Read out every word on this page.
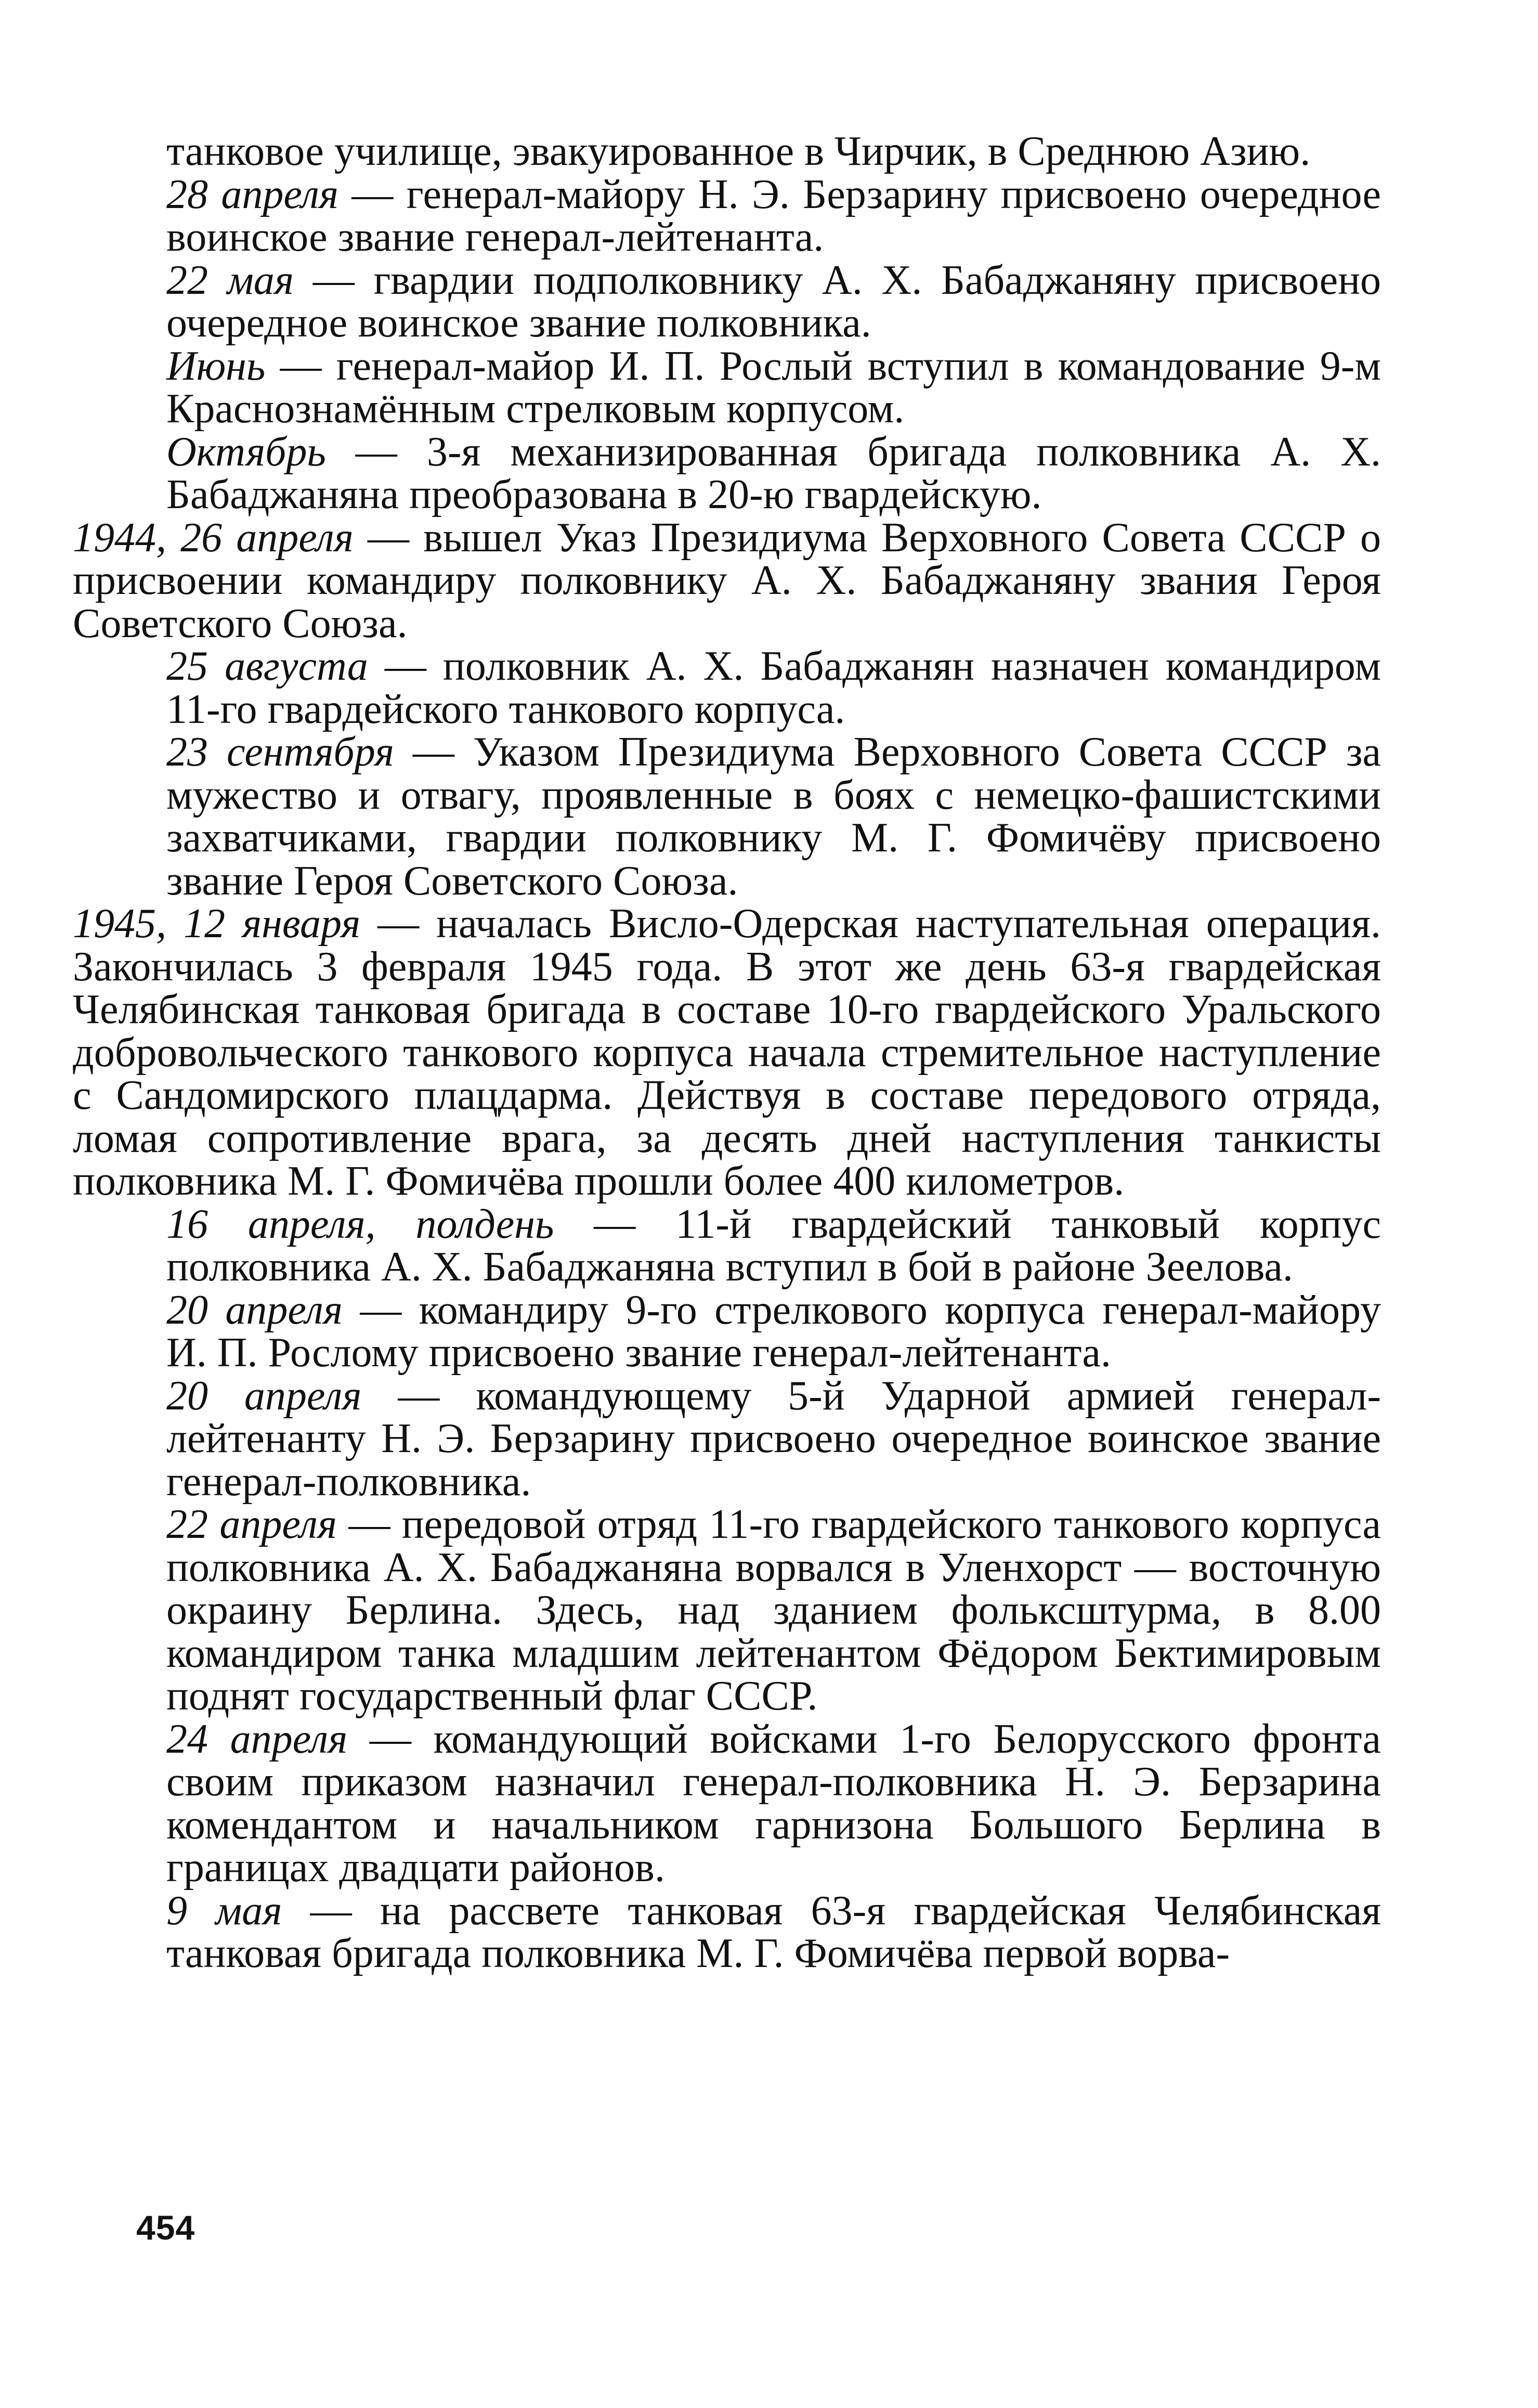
танковое училище, эвакуированное в Чирчик, в Среднюю Азию.

28 апреля — генерал-майору Н. Э. Берзарину присвоено очередное воинское звание генерал-лейтенанта.

22 мая — гвардии подполковнику А. Х. Бабаджаняну присвоено очередное воинское звание полковника.

Июнь — генерал-майор И. П. Рослый вступил в командование 9-м Краснознамённым стрелковым корпусом.

Октябрь — 3-я механизированная бригада полковника А. Х. Бабаджаняна преобразована в 20-ю гвардейскую.

1944, 26 апреля — вышел Указ Президиума Верховного Совета СССР о присвоении командиру полковнику А. Х. Бабаджаняну звания Героя Советского Союза.

25 августа — полковник А. Х. Бабаджанян назначен командиром 11-го гвардейского танкового корпуса.

23 сентября — Указом Президиума Верховного Совета СССР за мужество и отвагу, проявленные в боях с немецко-фашистскими захватчиками, гвардии полковнику М. Г. Фомичёву присвоено звание Героя Советского Союза.

1945, 12 января — началась Висло-Одерская наступательная операция. Закончилась 3 февраля 1945 года. В этот же день 63-я гвардейская Челябинская танковая бригада в составе 10-го гвардейского Уральского добровольческого танкового корпуса начала стремительное наступление с Сандомирского плацдарма. Действуя в составе передового отряда, ломая сопротивление врага, за десять дней наступления танкисты полковника М. Г. Фомичёва прошли более 400 километров.

16 апреля, полдень — 11-й гвардейский танковый корпус полковника А. Х. Бабаджаняна вступил в бой в районе Зеелова.

20 апреля — командиру 9-го стрелкового корпуса генерал-майору И. П. Рослому присвоено звание генерал-лейтенанта.

20 апреля — командующему 5-й Ударной армией генерал-лейтенанту Н. Э. Берзарину присвоено очередное воинское звание генерал-полковника.

22 апреля — передовой отряд 11-го гвардейского танкового корпуса полковника А. Х. Бабаджаняна ворвался в Уленхорст — восточную окраину Берлина. Здесь, над зданием фольксштурма, в 8.00 командиром танка младшим лейтенантом Фёдором Бектимировым поднят государственный флаг СССР.

24 апреля — командующий войсками 1-го Белорусского фронта своим приказом назначил генерал-полковника Н. Э. Берзарина комендантом и начальником гарнизона Большого Берлина в границах двадцати районов.

9 мая — на рассвете танковая 63-я гвардейская Челябинская танковая бригада полковника М. Г. Фомичёва первой ворва-

454
